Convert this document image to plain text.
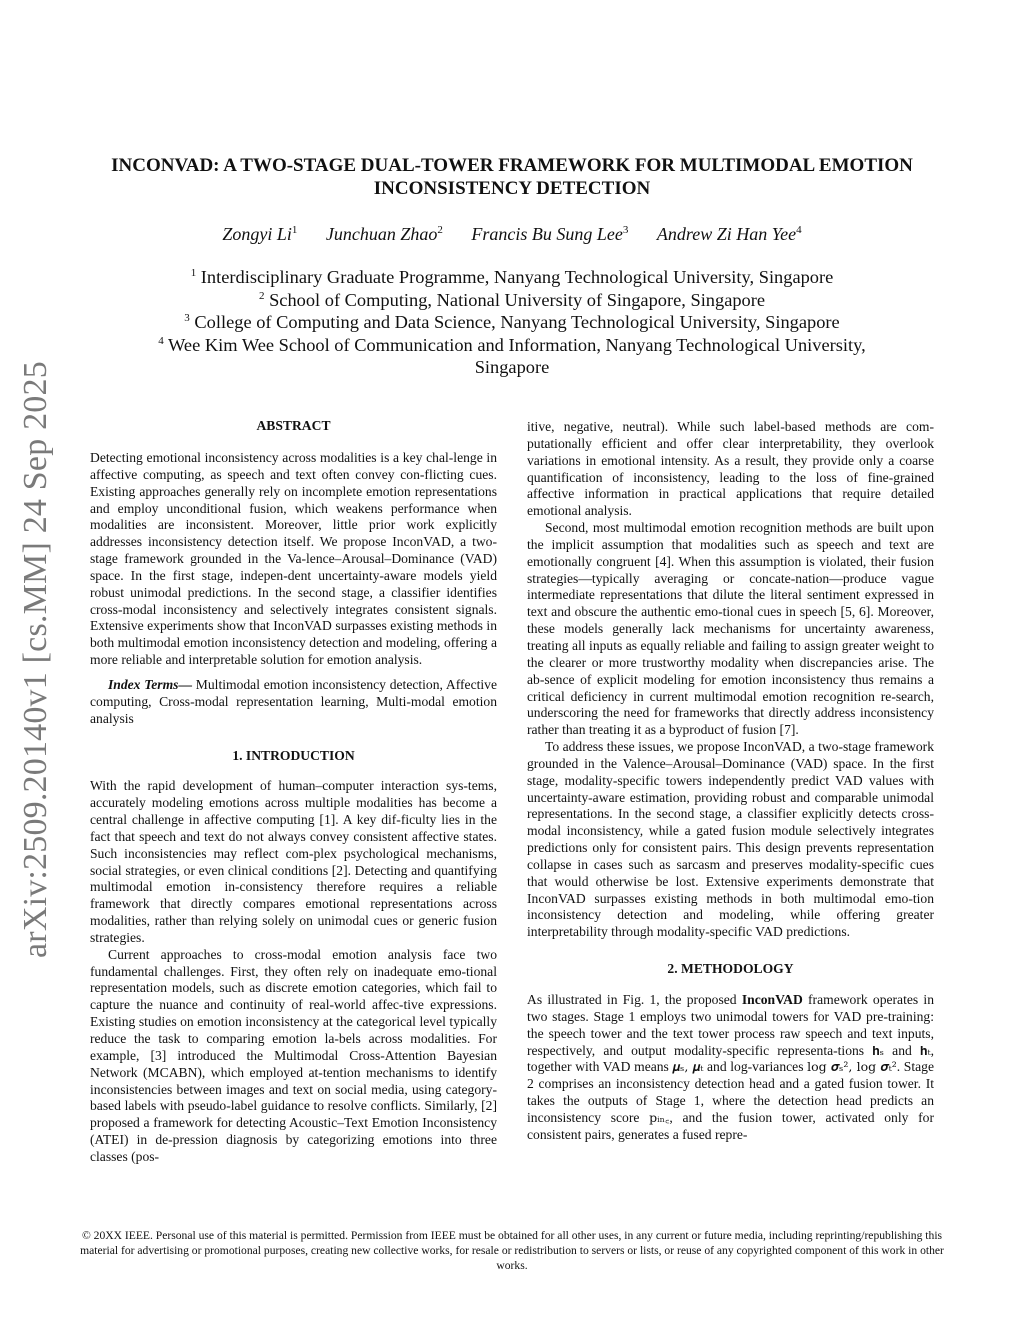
arXiv:2509.20140v1 [cs.MM] 24 Sep 2025
INCONVAD: A TWO-STAGE DUAL-TOWER FRAMEWORK FOR MULTIMODAL EMOTION
INCONSISTENCY DETECTION
Zongyi Li$^1$ Junchuan Zhao$^2$ Francis Bu Sung Lee$^3$ Andrew Zi Han Yee$^4$
$^1$ Interdisciplinary Graduate Programme, Nanyang Technological University, Singapore
$^2$ School of Computing, National University of Singapore, Singapore
$^3$ College of Computing and Data Science, Nanyang Technological University, Singapore
$^4$ Wee Kim Wee School of Communication and Information, Nanyang Technological University, Singapore
ABSTRACT

Detecting emotional inconsistency across modalities is a key chal-lenge in affective computing, as speech and text often convey con-flicting cues. Existing approaches generally rely on incomplete emotion representations and employ unconditional fusion, which weakens performance when modalities are inconsistent. Moreover, little prior work explicitly addresses inconsistency detection itself. We propose InconVAD, a two-stage framework grounded in the Va-lence–Arousal–Dominance (VAD) space. In the first stage, indepen-dent uncertainty-aware models yield robust unimodal predictions. In the second stage, a classifier identifies cross-modal inconsistency and selectively integrates consistent signals. Extensive experiments show that InconVAD surpasses existing methods in both multimodal emotion inconsistency detection and modeling, offering a more reliable and interpretable solution for emotion analysis.

Index Terms— Multimodal emotion inconsistency detection, Affective computing, Cross-modal representation learning, Multi-modal emotion analysis

1. INTRODUCTION

With the rapid development of human–computer interaction sys-tems, accurately modeling emotions across multiple modalities has become a central challenge in affective computing [1]. A key dif-ficulty lies in the fact that speech and text do not always convey consistent affective states. Such inconsistencies may reflect com-plex psychological mechanisms, social strategies, or even clinical conditions [2]. Detecting and quantifying multimodal emotion in-consistency therefore requires a reliable framework that directly compares emotional representations across modalities, rather than relying solely on unimodal cues or generic fusion strategies.

Current approaches to cross-modal emotion analysis face two fundamental challenges. First, they often rely on inadequate emo-tional representation models, such as discrete emotion categories, which fail to capture the nuance and continuity of real-world affec-tive expressions. Existing studies on emotion inconsistency at the categorical level typically reduce the task to comparing emotion la-bels across modalities. For example, [3] introduced the Multimodal Cross-Attention Bayesian Network (MCABN), which employed at-tention mechanisms to identify inconsistencies between images and text on social media, using category-based labels with pseudo-label guidance to resolve conflicts. Similarly, [2] proposed a framework for detecting Acoustic–Text Emotion Inconsistency (ATEI) in de-pression diagnosis by categorizing emotions into three classes (pos-

itive, negative, neutral). While such label-based methods are com-putationally efficient and offer clear interpretability, they overlook variations in emotional intensity. As a result, they provide only a coarse quantification of inconsistency, leading to the loss of fine-grained affective information in practical applications that require detailed emotional analysis.

Second, most multimodal emotion recognition methods are built upon the implicit assumption that modalities such as speech and text are emotionally congruent [4]. When this assumption is violated, their fusion strategies—typically averaging or concate-nation—produce vague intermediate representations that dilute the literal sentiment expressed in text and obscure the authentic emo-tional cues in speech [5, 6]. Moreover, these models generally lack mechanisms for uncertainty awareness, treating all inputs as equally reliable and failing to assign greater weight to the clearer or more trustworthy modality when discrepancies arise. The ab-sence of explicit modeling for emotion inconsistency thus remains a critical deficiency in current multimodal emotion recognition re-search, underscoring the need for frameworks that directly address inconsistency rather than treating it as a byproduct of fusion [7].

To address these issues, we propose InconVAD, a two-stage framework grounded in the Valence–Arousal–Dominance (VAD) space. In the first stage, modality-specific towers independently predict VAD values with uncertainty-aware estimation, providing robust and comparable unimodal representations. In the second stage, a classifier explicitly detects cross-modal inconsistency, while a gated fusion module selectively integrates predictions only for consistent pairs. This design prevents representation collapse in cases such as sarcasm and preserves modality-specific cues that would otherwise be lost. Extensive experiments demonstrate that InconVAD surpasses existing methods in both multimodal emo-tion inconsistency detection and modeling, while offering greater interpretability through modality-specific VAD predictions.

2. METHODOLOGY

As illustrated in Fig. 1, the proposed InconVAD framework operates in two stages. Stage 1 employs two unimodal towers for VAD pre-training: the speech tower and the text tower process raw speech and text inputs, respectively, and output modality-specific representa-tions 𝐡ₛ and 𝐡ₜ, together with VAD means 𝝁ₛ, 𝝁ₜ and log-variances log 𝝈ₛ², log 𝝈ₜ². Stage 2 comprises an inconsistency detection head and a gated fusion tower. It takes the outputs of Stage 1, where the detection head predicts an inconsistency score pᵢₙ꜀, and the fusion tower, activated only for consistent pairs, generates a fused repre-

© 20XX IEEE. Personal use of this material is permitted. Permission from IEEE must be obtained for all other uses, in any current or future media, including reprinting/republishing this material for advertising or promotional purposes, creating new collective works, for resale or redistribution to servers or lists, or reuse of any copyrighted component of this work in other works.
